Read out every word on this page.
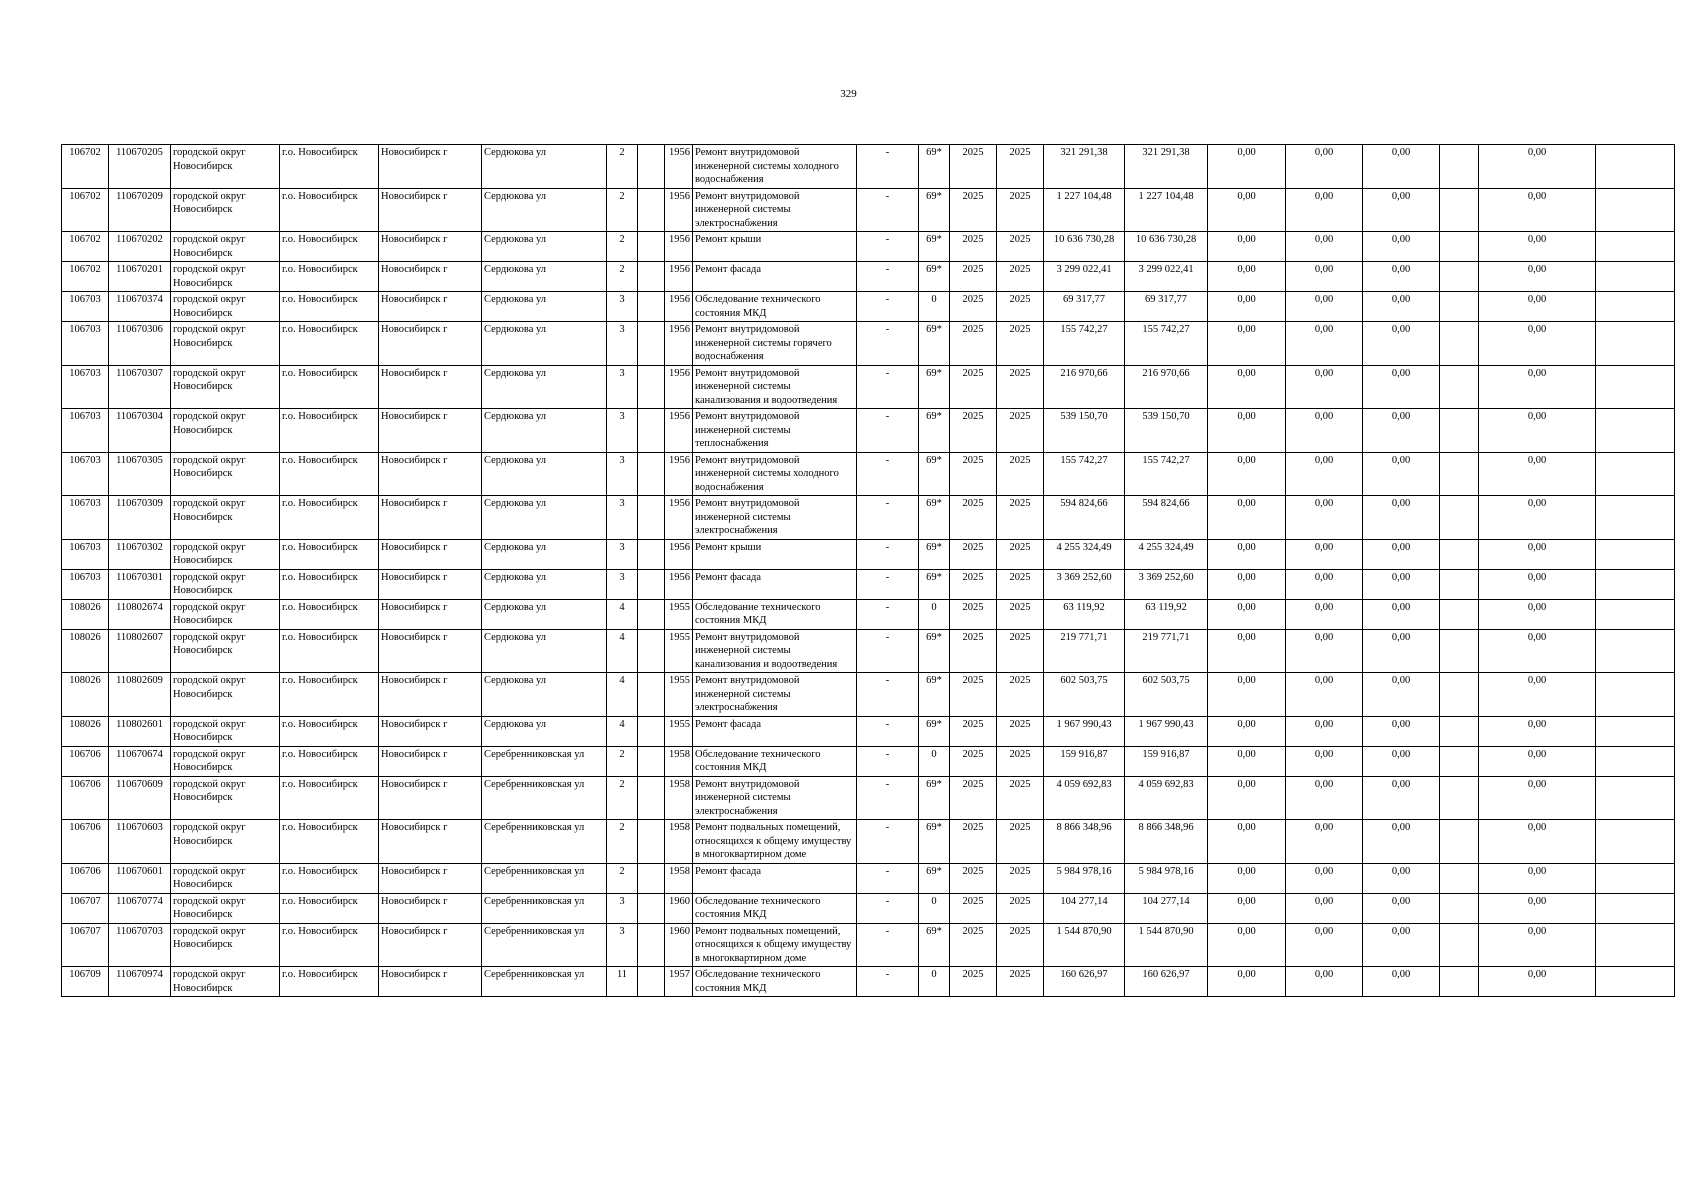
329
106702	110670205	городской округ Новосибирск	г.о. Новосибирск	Новосибирск г	Сердюкова ул	2		1956	Ремонт внутридомовой инженерной системы холодного водоснабжения	-	69*	2025	2025	321 291,38	321 291,38	0,00	0,00	0,00		0,00	
106702	110670209	городской округ Новосибирск	г.о. Новосибирск	Новосибирск г	Сердюкова ул	2		1956	Ремонт внутридомовой инженерной системы электроснабжения	-	69*	2025	2025	1 227 104,48	1 227 104,48	0,00	0,00	0,00		0,00	
106702	110670202	городской округ Новосибирск	г.о. Новосибирск	Новосибирск г	Сердюкова ул	2		1956	Ремонт крыши	-	69*	2025	2025	10 636 730,28	10 636 730,28	0,00	0,00	0,00		0,00	
106702	110670201	городской округ Новосибирск	г.о. Новосибирск	Новосибирск г	Сердюкова ул	2		1956	Ремонт фасада	-	69*	2025	2025	3 299 022,41	3 299 022,41	0,00	0,00	0,00		0,00	
106703	110670374	городской округ Новосибирск	г.о. Новосибирск	Новосибирск г	Сердюкова ул	3		1956	Обследование технического состояния МКД	-	0	2025	2025	69 317,77	69 317,77	0,00	0,00	0,00		0,00	
106703	110670306	городской округ Новосибирск	г.о. Новосибирск	Новосибирск г	Сердюкова ул	3		1956	Ремонт внутридомовой инженерной системы горячего водоснабжения	-	69*	2025	2025	155 742,27	155 742,27	0,00	0,00	0,00		0,00	
106703	110670307	городской округ Новосибирск	г.о. Новосибирск	Новосибирск г	Сердюкова ул	3		1956	Ремонт внутридомовой инженерной системы канализования и водоотведения	-	69*	2025	2025	216 970,66	216 970,66	0,00	0,00	0,00		0,00	
106703	110670304	городской округ Новосибирск	г.о. Новосибирск	Новосибирск г	Сердюкова ул	3		1956	Ремонт внутридомовой инженерной системы теплоснабжения	-	69*	2025	2025	539 150,70	539 150,70	0,00	0,00	0,00		0,00	
106703	110670305	городской округ Новосибирск	г.о. Новосибирск	Новосибирск г	Сердюкова ул	3		1956	Ремонт внутридомовой инженерной системы холодного водоснабжения	-	69*	2025	2025	155 742,27	155 742,27	0,00	0,00	0,00		0,00	
106703	110670309	городской округ Новосибирск	г.о. Новосибирск	Новосибирск г	Сердюкова ул	3		1956	Ремонт внутридомовой инженерной системы электроснабжения	-	69*	2025	2025	594 824,66	594 824,66	0,00	0,00	0,00		0,00	
106703	110670302	городской округ Новосибирск	г.о. Новосибирск	Новосибирск г	Сердюкова ул	3		1956	Ремонт крыши	-	69*	2025	2025	4 255 324,49	4 255 324,49	0,00	0,00	0,00		0,00	
106703	110670301	городской округ Новосибирск	г.о. Новосибирск	Новосибирск г	Сердюкова ул	3		1956	Ремонт фасада	-	69*	2025	2025	3 369 252,60	3 369 252,60	0,00	0,00	0,00		0,00	
108026	110802674	городской округ Новосибирск	г.о. Новосибирск	Новосибирск г	Сердюкова ул	4		1955	Обследование технического состояния МКД	-	0	2025	2025	63 119,92	63 119,92	0,00	0,00	0,00		0,00	
108026	110802607	городской округ Новосибирск	г.о. Новосибирск	Новосибирск г	Сердюкова ул	4		1955	Ремонт внутридомовой инженерной системы канализования и водоотведения	-	69*	2025	2025	219 771,71	219 771,71	0,00	0,00	0,00		0,00	
108026	110802609	городской округ Новосибирск	г.о. Новосибирск	Новосибирск г	Сердюкова ул	4		1955	Ремонт внутридомовой инженерной системы электроснабжения	-	69*	2025	2025	602 503,75	602 503,75	0,00	0,00	0,00		0,00	
108026	110802601	городской округ Новосибирск	г.о. Новосибирск	Новосибирск г	Сердюкова ул	4		1955	Ремонт фасада	-	69*	2025	2025	1 967 990,43	1 967 990,43	0,00	0,00	0,00		0,00	
106706	110670674	городской округ Новосибирск	г.о. Новосибирск	Новосибирск г	Серебренниковская ул	2		1958	Обследование технического состояния МКД	-	0	2025	2025	159 916,87	159 916,87	0,00	0,00	0,00		0,00	
106706	110670609	городской округ Новосибирск	г.о. Новосибирск	Новосибирск г	Серебренниковская ул	2		1958	Ремонт внутридомовой инженерной системы электроснабжения	-	69*	2025	2025	4 059 692,83	4 059 692,83	0,00	0,00	0,00		0,00	
106706	110670603	городской округ Новосибирск	г.о. Новосибирск	Новосибирск г	Серебренниковская ул	2		1958	Ремонт подвальных помещений, относящихся к общему имуществу в многоквартирном доме	-	69*	2025	2025	8 866 348,96	8 866 348,96	0,00	0,00	0,00		0,00	
106706	110670601	городской округ Новосибирск	г.о. Новосибирск	Новосибирск г	Серебренниковская ул	2		1958	Ремонт фасада	-	69*	2025	2025	5 984 978,16	5 984 978,16	0,00	0,00	0,00		0,00	
106707	110670774	городской округ Новосибирск	г.о. Новосибирск	Новосибирск г	Серебренниковская ул	3		1960	Обследование технического состояния МКД	-	0	2025	2025	104 277,14	104 277,14	0,00	0,00	0,00		0,00	
106707	110670703	городской округ Новосибирск	г.о. Новосибирск	Новосибирск г	Серебренниковская ул	3		1960	Ремонт подвальных помещений, относящихся к общему имуществу в многоквартирном доме	-	69*	2025	2025	1 544 870,90	1 544 870,90	0,00	0,00	0,00		0,00	
106709	110670974	городской округ Новосибирск	г.о. Новосибирск	Новосибирск г	Серебренниковская ул	11		1957	Обследование технического состояния МКД	-	0	2025	2025	160 626,97	160 626,97	0,00	0,00	0,00		0,00	
